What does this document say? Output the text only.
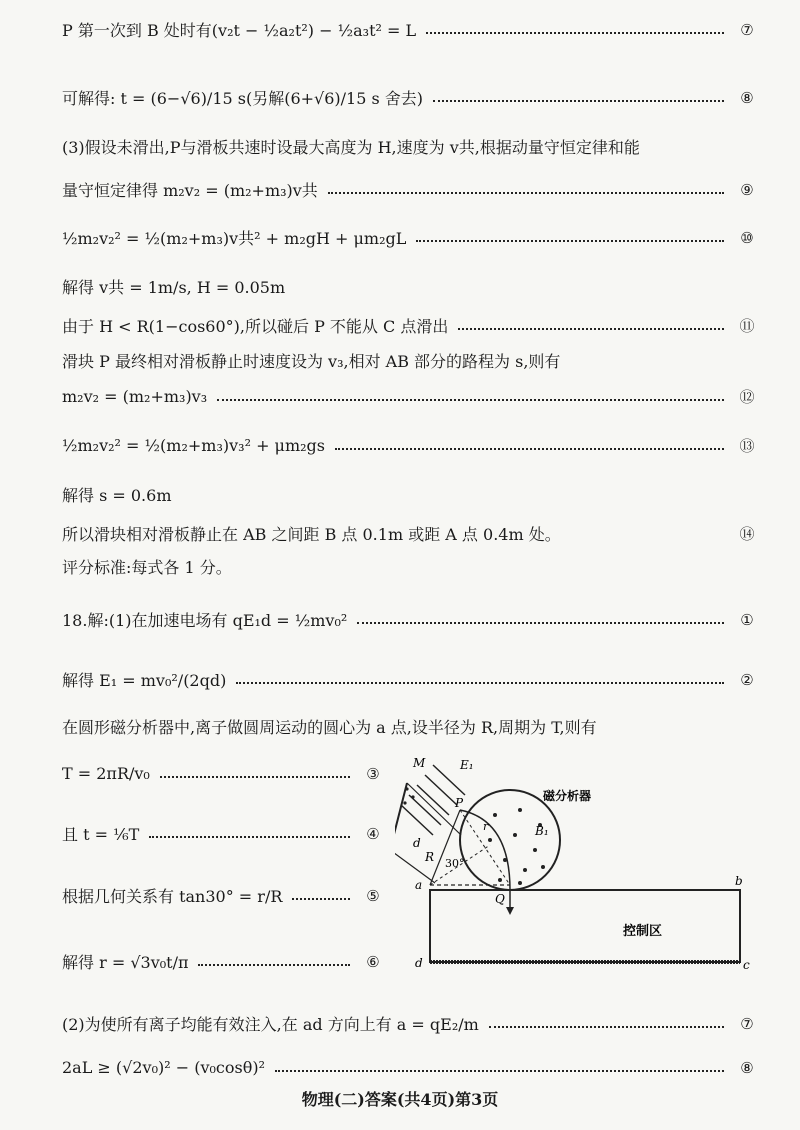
P 第一次到 B 处时有(v₂t − ½a₂t²) − ½a₃t² = L	⑦
可解得: t = (6−√6)/15 s(另解(6+√6)/15 s 舍去)	⑧
(3)假设未滑出,P与滑板共速时设最大高度为 H,速度为 v共,根据动量守恒定律和能
量守恒定律得 m₂v₂ = (m₂+m₃)v共	⑨
½m₂v₂² = ½(m₂+m₃)v共² + m₂gH + μm₂gL	⑩
解得 v共 = 1m/s, H = 0.05m
由于 H < R(1−cos60°),所以碰后 P 不能从 C 点滑出	⑪
滑块 P 最终相对滑板静止时速度设为 v₃,相对 AB 部分的路程为 s,则有
m₂v₂ = (m₂+m₃)v₃	⑫
½m₂v₂² = ½(m₂+m₃)v₃² + μm₂gs	⑬
解得 s = 0.6m
所以滑块相对滑板静止在 AB 之间距 B 点 0.1m 或距 A 点 0.4m 处。	⑭
评分标准:每式各 1 分。
18.解:(1)在加速电场有 qE₁d = ½mv₀²	①
解得 E₁ = mv₀²/(2qd)	②
在圆形磁分析器中,离子做圆周运动的圆心为 a 点,设半径为 R,周期为 T,则有
T = 2πR/v₀	③
且 t = ⅙T	④
根据几何关系有 tan30° = r/R	⑤
解得 r = √3v₀t/π	⑥
(2)为使所有离子均能有效注入,在 ad 方向上有 a = qE₂/m	⑦
2aL ≥ (√2v₀)² − (v₀cosθ)²	⑧
M	E₁
P
r
d
R 30°
B₁
磁分析器
a
Q
b
控制区
d	c
物理(二)答案(共4页)第3页
